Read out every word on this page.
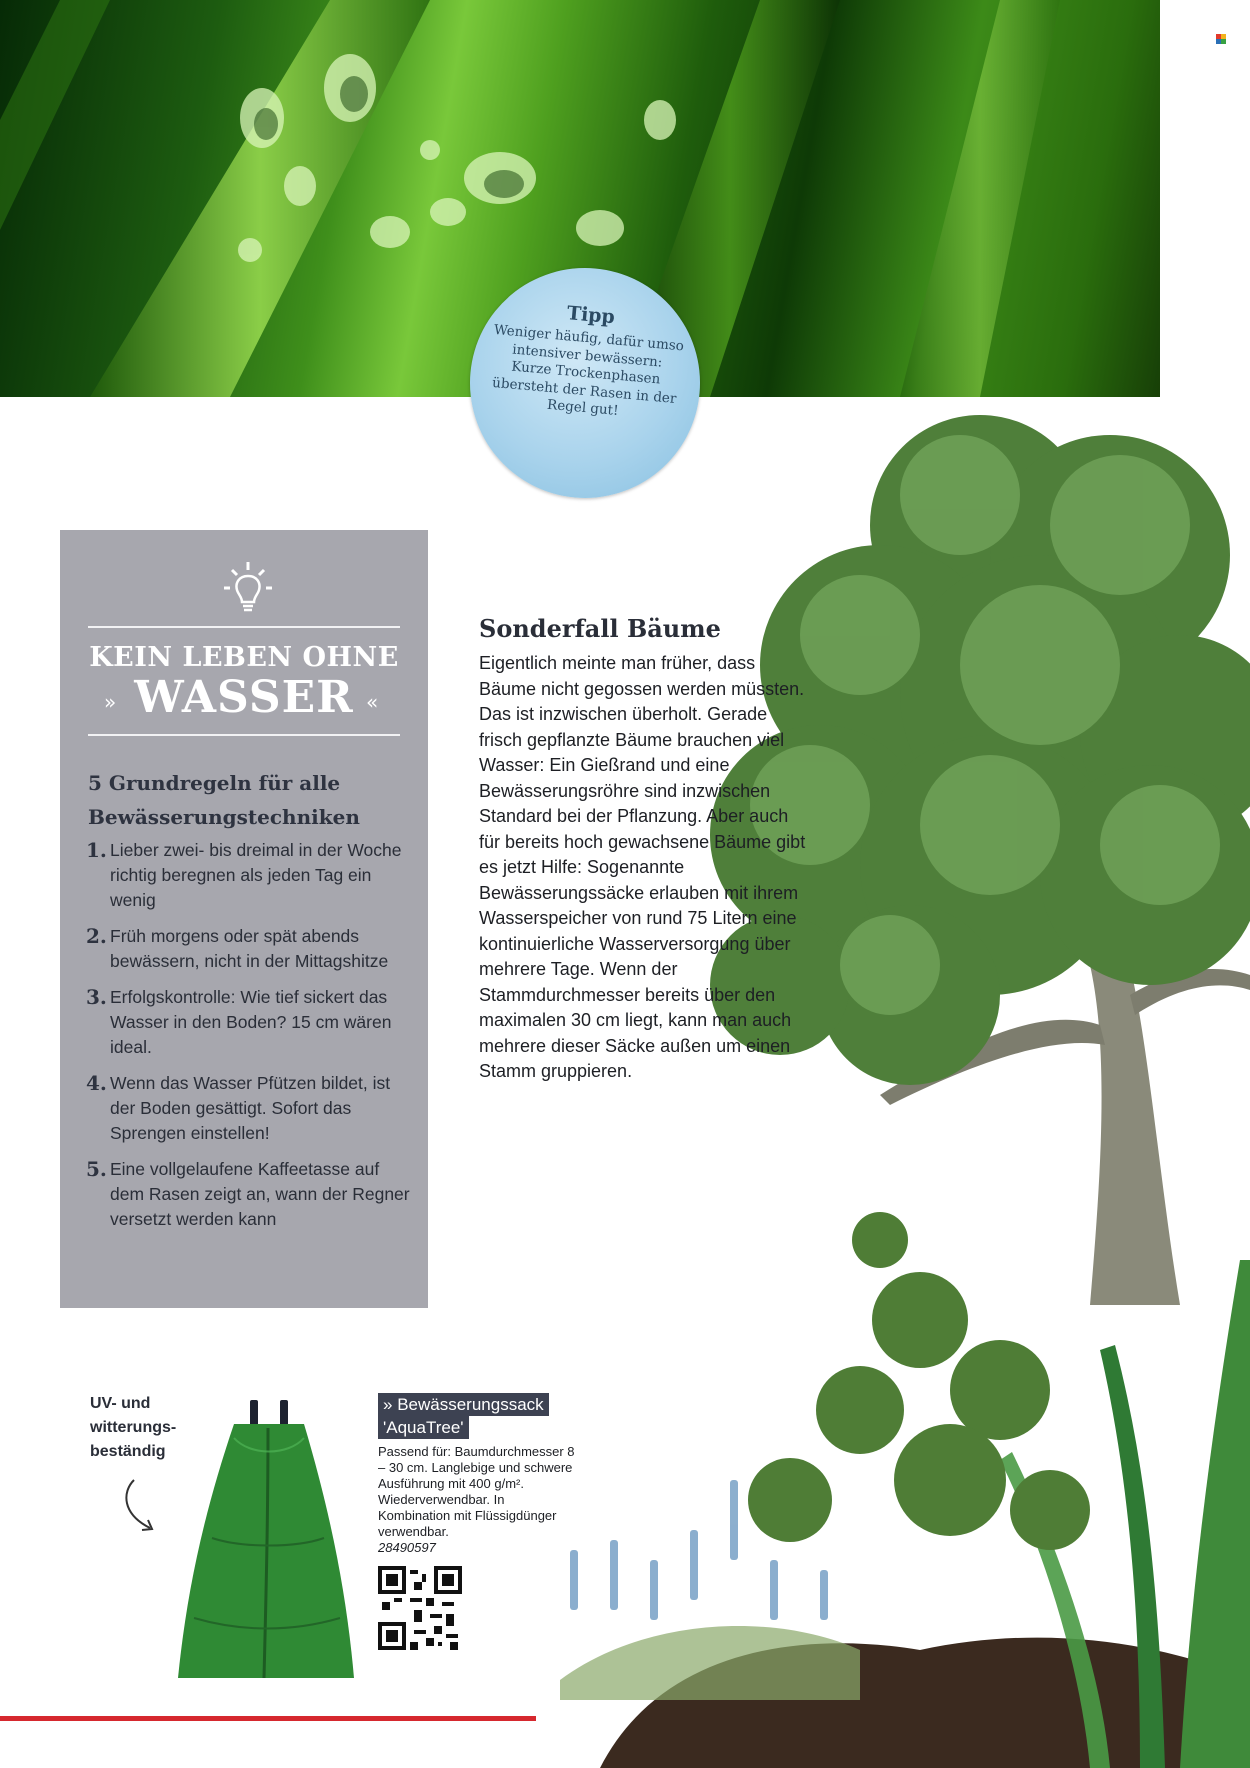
Tipp
Weniger häufig, dafür umso intensiver bewässern: Kurze Trockenphasen übersteht der Rasen in der Regel gut!
KEIN LEBEN OHNE
» WASSER «
5 Grundregeln für alle Bewässerungstechniken
1. Lieber zwei- bis dreimal in der Woche richtig beregnen als jeden Tag ein wenig
2. Früh morgens oder spät abends bewässern, nicht in der Mittagshitze
3. Erfolgskontrolle: Wie tief sickert das Wasser in den Boden? 15 cm wären ideal.
4. Wenn das Wasser Pfützen bildet, ist der Boden gesättigt. Sofort das Sprengen einstellen!
5. Eine vollgelaufene Kaffeetasse auf dem Rasen zeigt an, wann der Regner versetzt werden kann
Sonderfall Bäume

Eigentlich meinte man früher, dass Bäume nicht gegossen werden müssten. Das ist inzwischen überholt. Gerade frisch gepflanzte Bäume brauchen viel Wasser: Ein Gießrand und eine Bewässerungsröhre sind inzwischen Standard bei der Pflanzung. Aber auch für bereits hoch gewachsene Bäume gibt es jetzt Hilfe: Sogenannte Bewässerungssäcke erlauben mit ihrem Wasserspeicher von rund 75 Litern eine kontinuierliche Wasserversorgung über mehrere Tage. Wenn der Stammdurchmesser bereits über den maximalen 30 cm liegt, kann man auch mehrere dieser Säcke außen um einen Stamm gruppieren.

UV- und
witterungs-
beständig
» Bewässerungssack
'AquaTree'
Passend für: Baumdurchmesser 8 – 30 cm. Langlebige und schwere Ausführung mit 400 g/m². Wiederverwendbar. In Kombination mit Flüssigdünger verwendbar.
28490597
